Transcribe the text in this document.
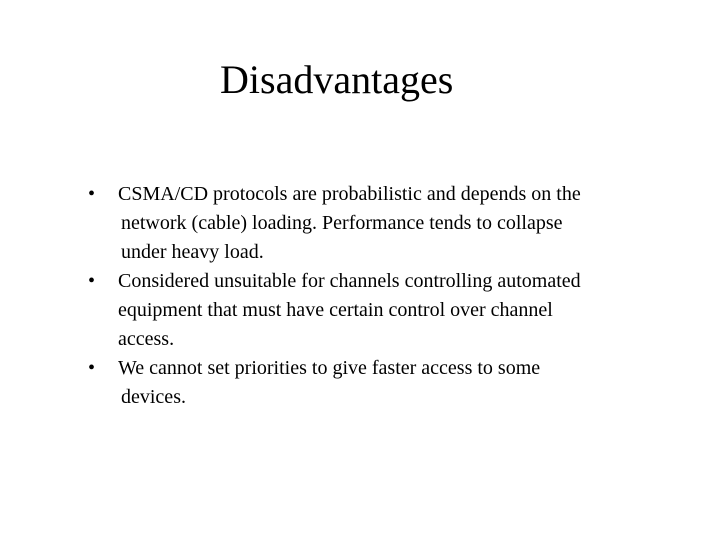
Disadvantages
•	CSMA/CD protocols are probabilistic and depends on the
network (cable) loading. Performance tends to collapse
under heavy load.
•	Considered unsuitable for channels controlling automated
equipment that must have certain control over channel
access.
•	We cannot set priorities to give faster access to some
devices.
